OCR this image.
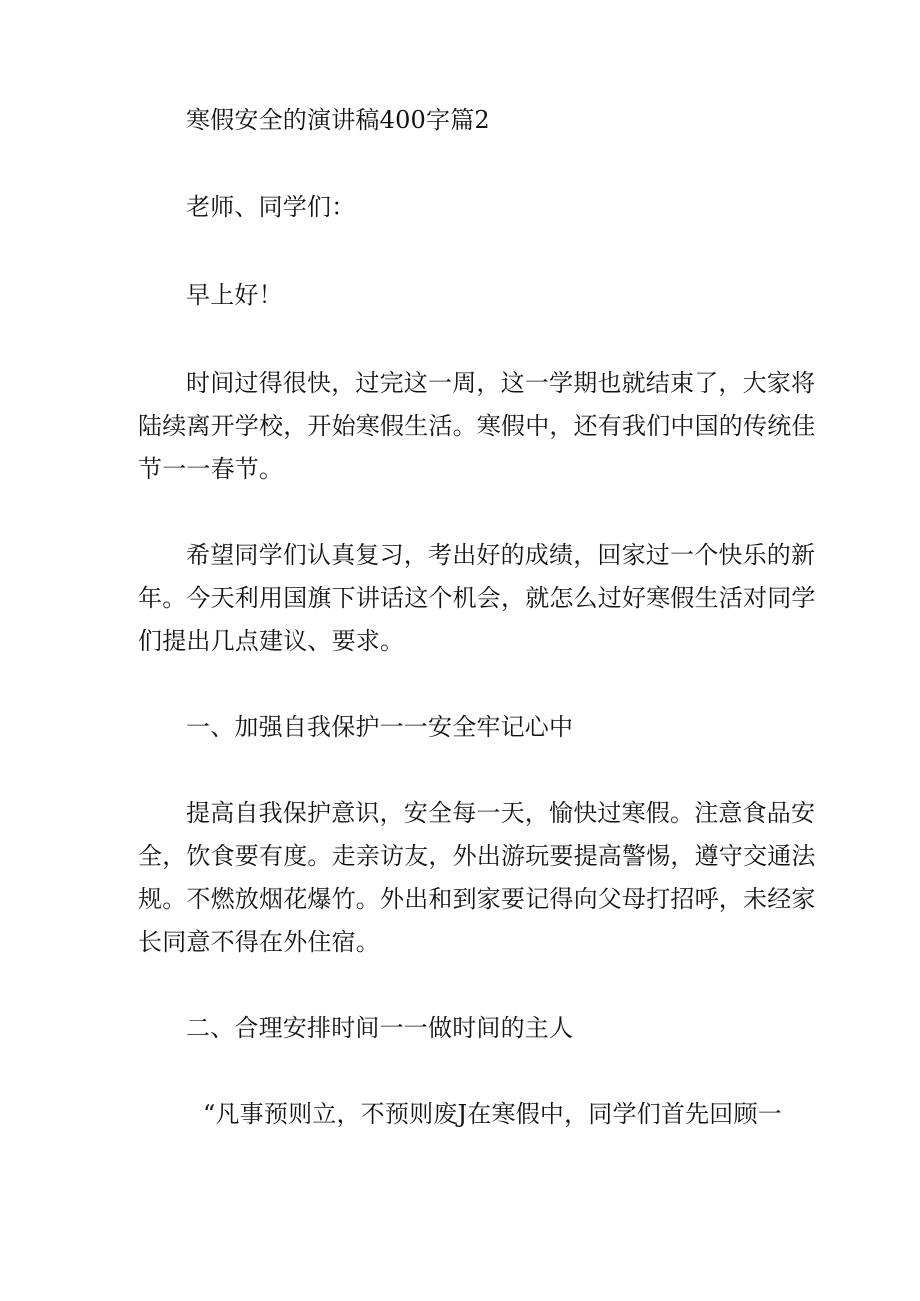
寒假安全的演讲稿400字篇2
老师、同学们：
早上好！
时间过得很快，过完这一周，这一学期也就结束了，大家将
陆续离开学校，开始寒假生活。寒假中，还有我们中国的传统佳
节一一春节。
希望同学们认真复习，考出好的成绩，回家过一个快乐的新
年。今天利用国旗下讲话这个机会，就怎么过好寒假生活对同学
们提出几点建议、要求。
一、加强自我保护一一安全牢记心中
提高自我保护意识，安全每一天，愉快过寒假。注意食品安
全，饮食要有度。走亲访友，外出游玩要提高警惕，遵守交通法
规。不燃放烟花爆竹。外出和到家要记得向父母打招呼，未经家
长同意不得在外住宿。
二、合理安排时间一一做时间的主人
“凡事预则立，不预则废J在寒假中，同学们首先回顾一
